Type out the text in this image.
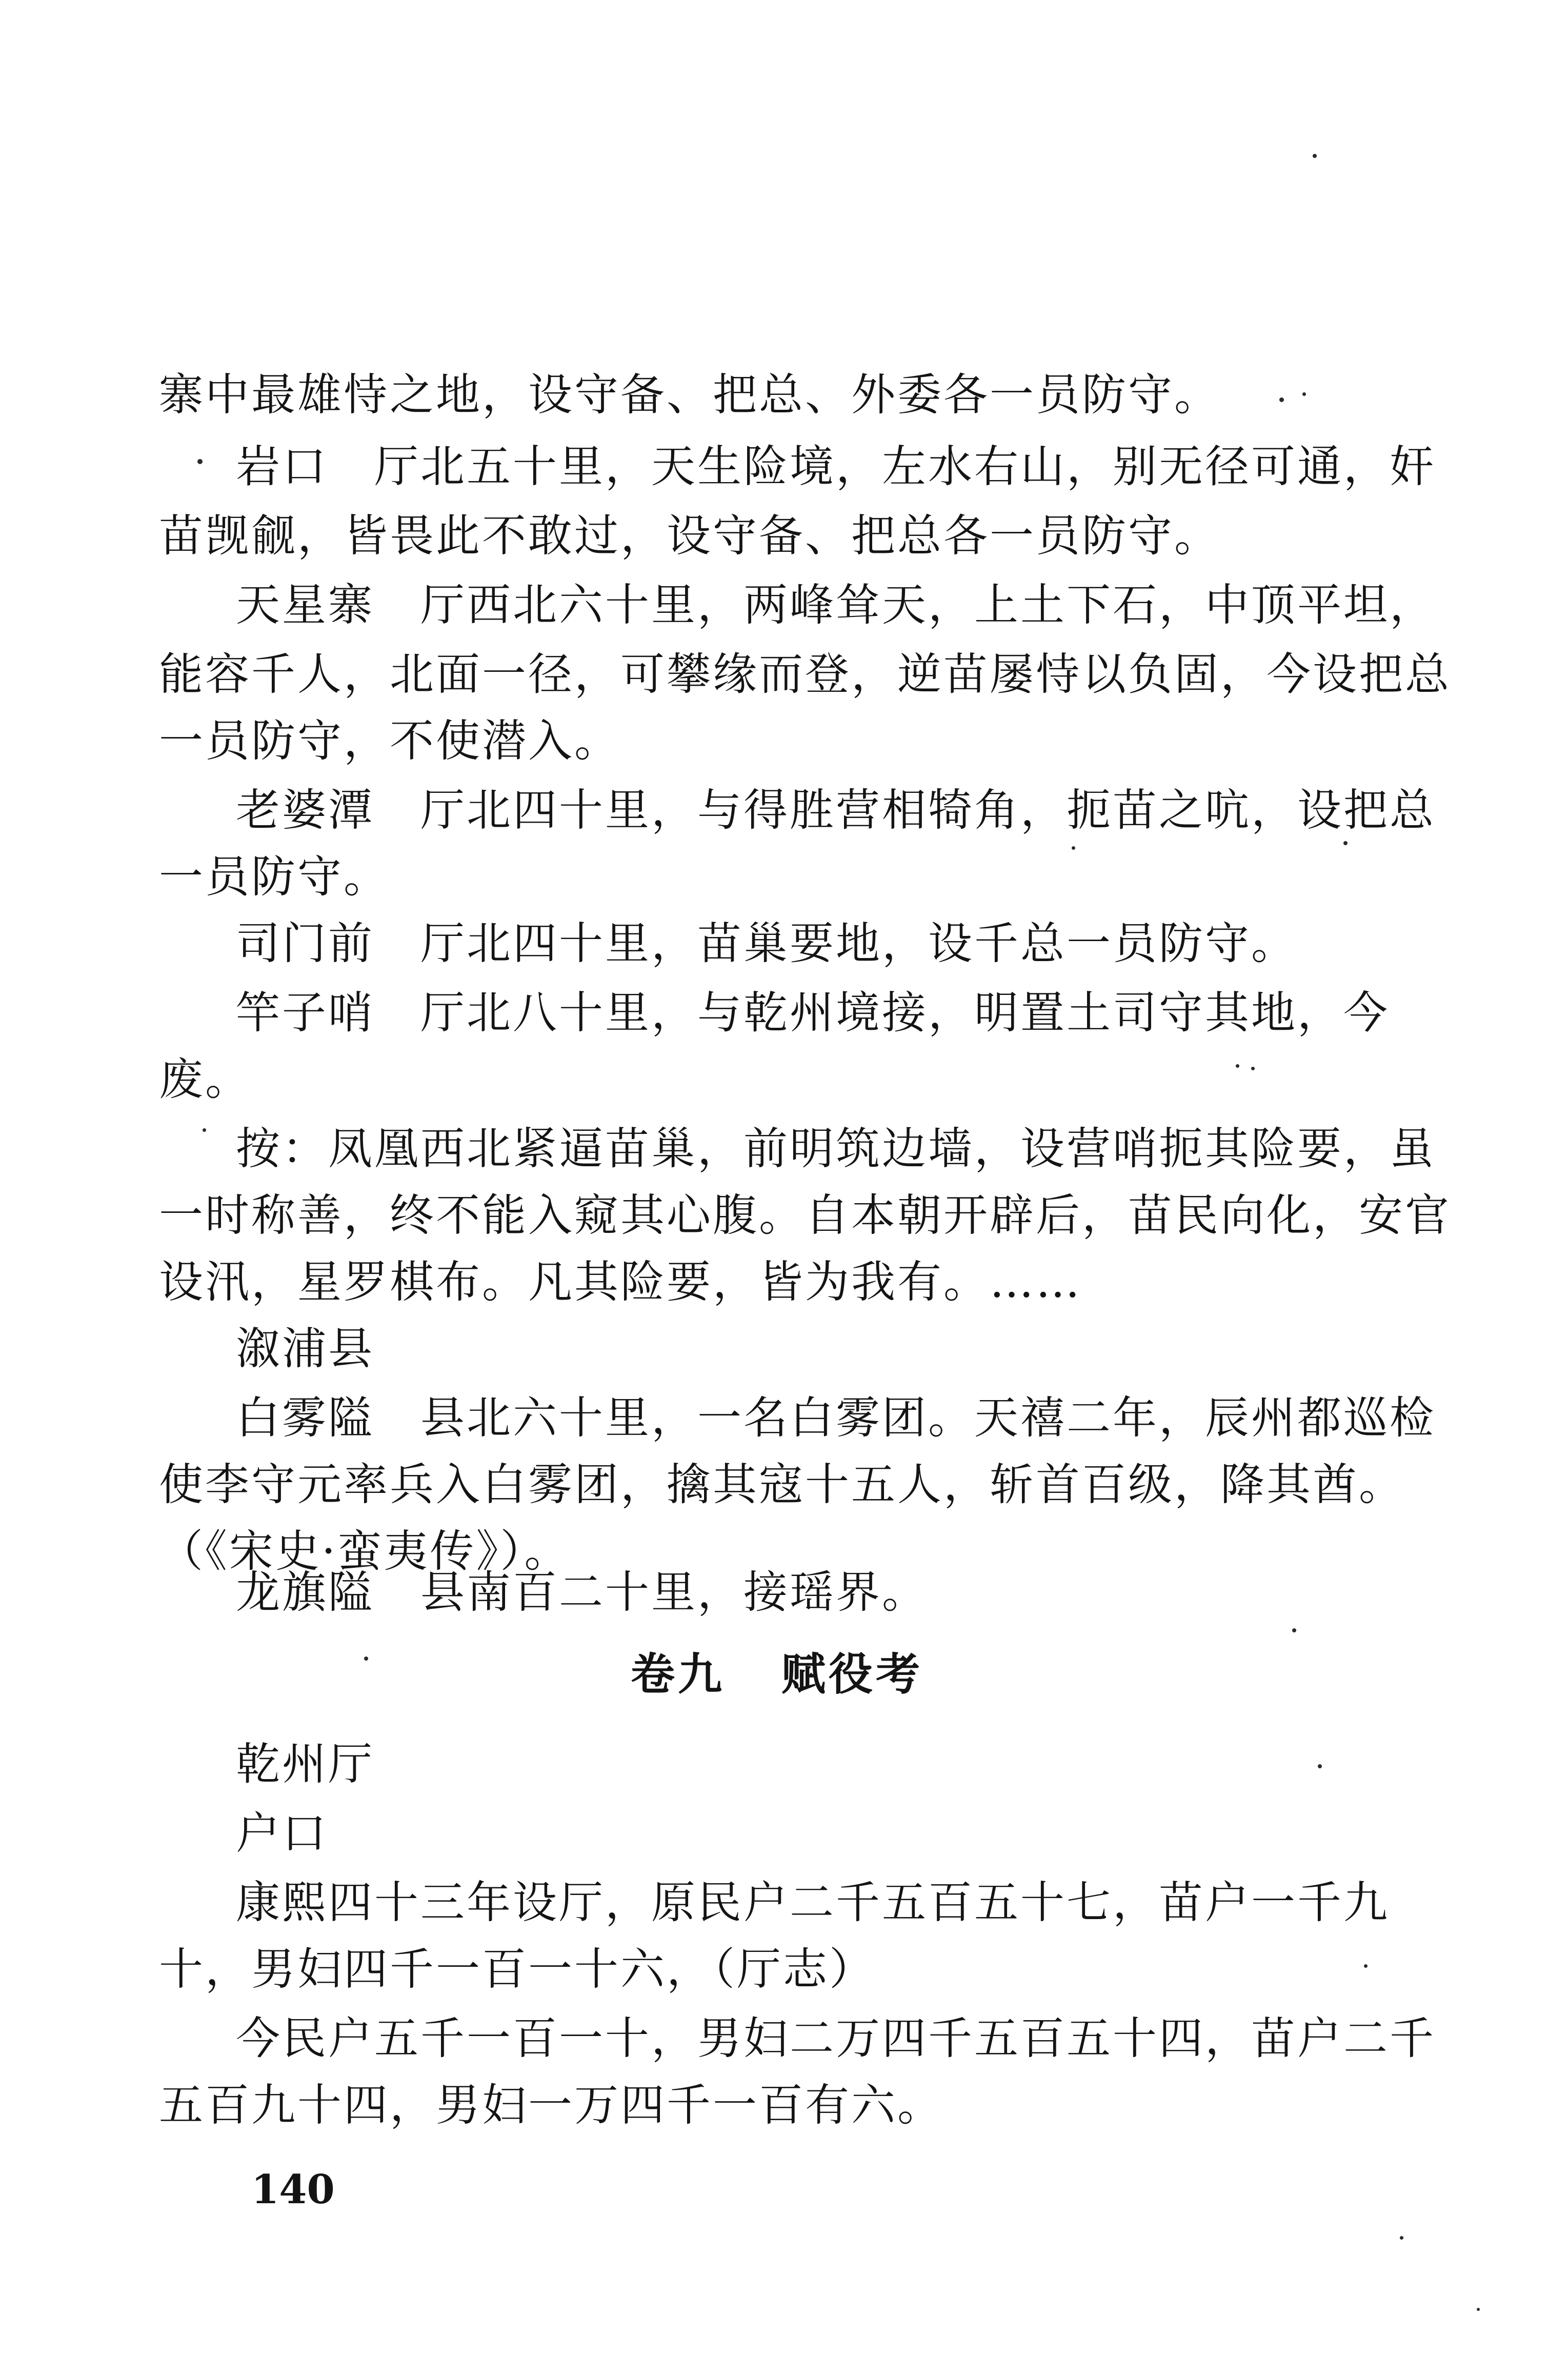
寨中最雄恃之地，设守备、把总、外委各一员防守。
岩口　厅北五十里，天生险境，左水右山，别无径可通，奸
苗觊觎，皆畏此不敢过，设守备、把总各一员防守。
天星寨　厅西北六十里，两峰耸天，上土下石，中顶平坦，
能容千人，北面一径，可攀缘而登，逆苗屡恃以负固，今设把总
一员防守，不使潜入。
老婆潭　厅北四十里，与得胜营相犄角，扼苗之吭，设把总
一员防守。
司门前　厅北四十里，苗巢要地，设千总一员防守。
竿子哨　厅北八十里，与乾州境接，明置土司守其地，今
废。
按：凤凰西北紧逼苗巢，前明筑边墙，设营哨扼其险要，虽
一时称善，终不能入窥其心腹。自本朝开辟后，苗民向化，安官
设汛，星罗棋布。凡其险要，皆为我有。……
溆浦县
白雾隘　县北六十里，一名白雾团。天禧二年，辰州都巡检
使李守元率兵入白雾团，擒其寇十五人，斩首百级，降其酋。
（《宋史·蛮夷传》）。
龙旗隘　县南百二十里，接瑶界。
卷九 赋役考
乾州厅
户口
康熙四十三年设厅，原民户二千五百五十七，苗户一千九
十，男妇四千一百一十六，（厅志）
今民户五千一百一十，男妇二万四千五百五十四，苗户二千
五百九十四，男妇一万四千一百有六。
140
